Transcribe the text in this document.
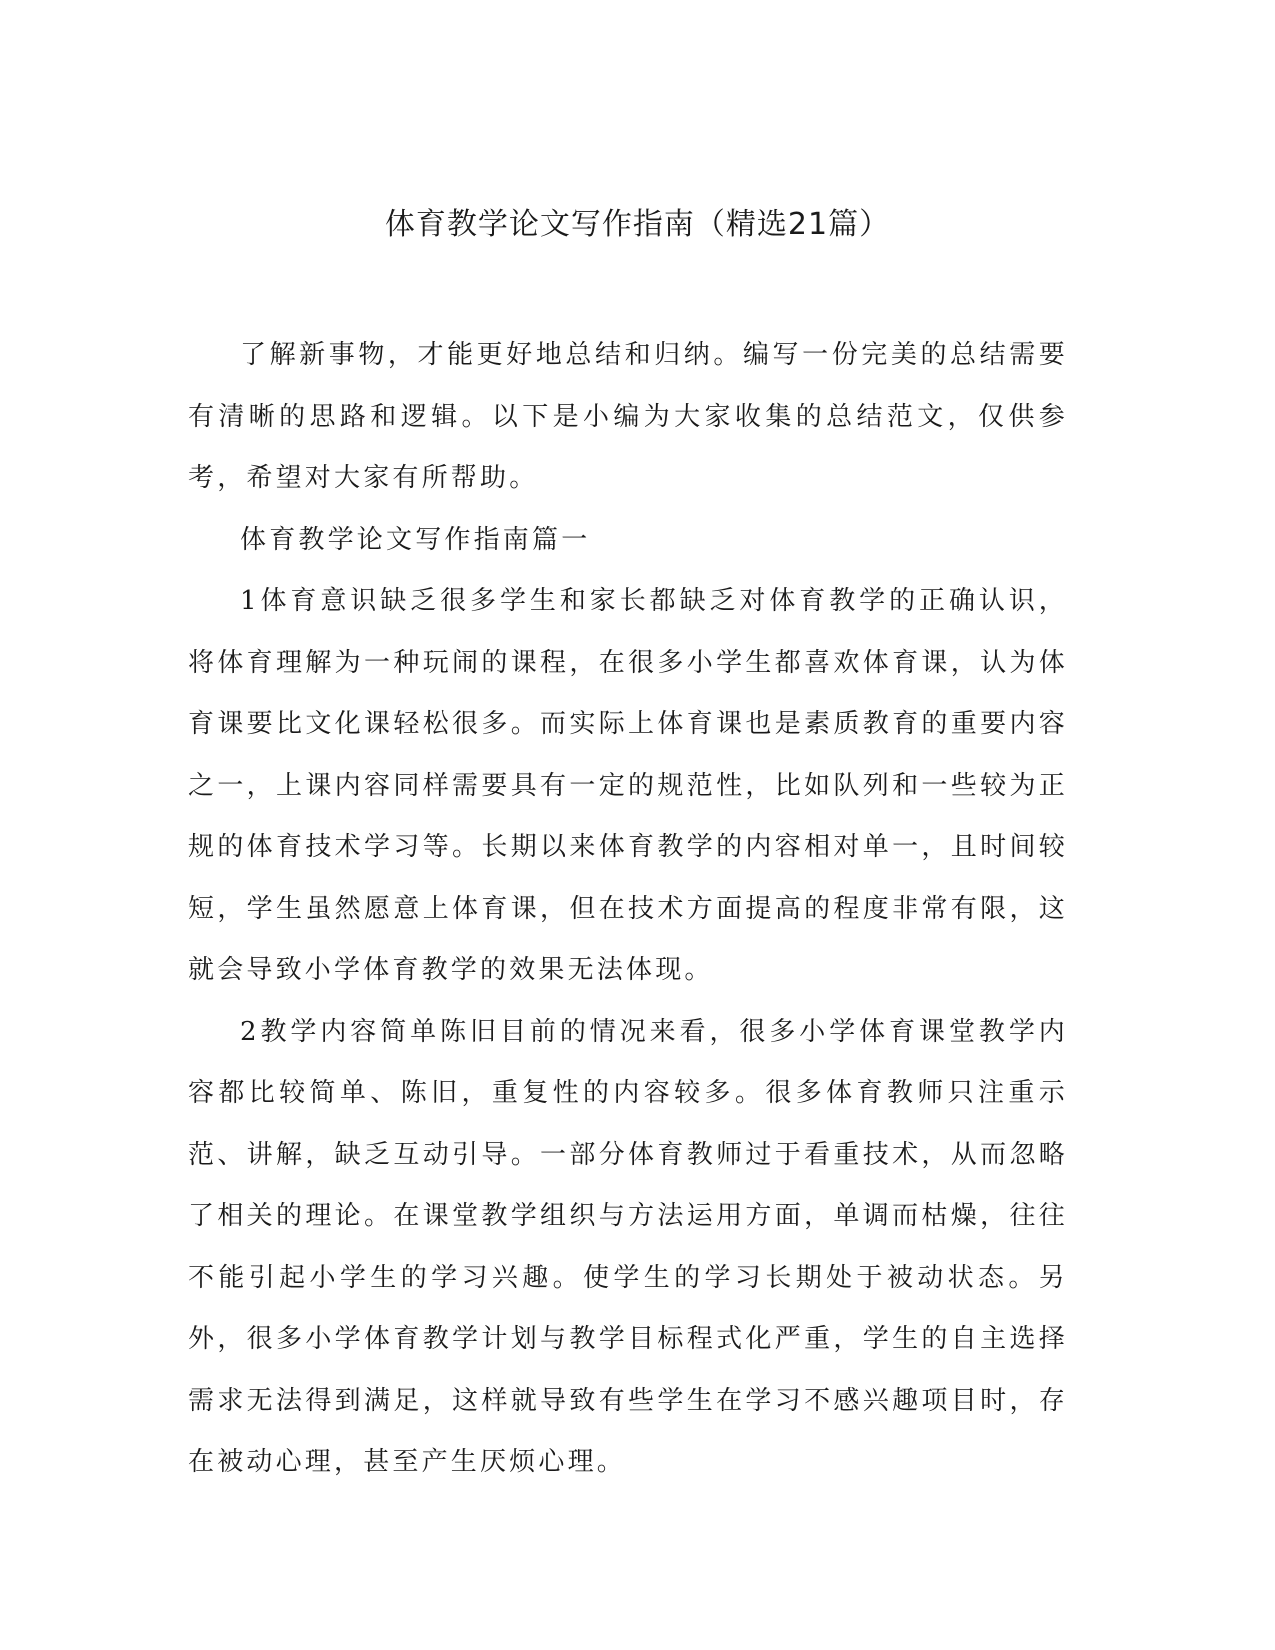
体育教学论文写作指南（精选21篇）

了解新事物，才能更好地总结和归纳。编写一份完美的总结需要有清晰的思路和逻辑。以下是小编为大家收集的总结范文，仅供参考，希望对大家有所帮助。

体育教学论文写作指南篇一

1体育意识缺乏很多学生和家长都缺乏对体育教学的正确认识，将体育理解为一种玩闹的课程，在很多小学生都喜欢体育课，认为体育课要比文化课轻松很多。而实际上体育课也是素质教育的重要内容之一，上课内容同样需要具有一定的规范性，比如队列和一些较为正规的体育技术学习等。长期以来体育教学的内容相对单一，且时间较短，学生虽然愿意上体育课，但在技术方面提高的程度非常有限，这就会导致小学体育教学的效果无法体现。

2教学内容简单陈旧目前的情况来看，很多小学体育课堂教学内容都比较简单、陈旧，重复性的内容较多。很多体育教师只注重示范、讲解，缺乏互动引导。一部分体育教师过于看重技术，从而忽略了相关的理论。在课堂教学组织与方法运用方面，单调而枯燥，往往不能引起小学生的学习兴趣。使学生的学习长期处于被动状态。另外，很多小学体育教学计划与教学目标程式化严重，学生的自主选择需求无法得到满足，这样就导致有些学生在学习不感兴趣项目时，存在被动心理，甚至产生厌烦心理。
